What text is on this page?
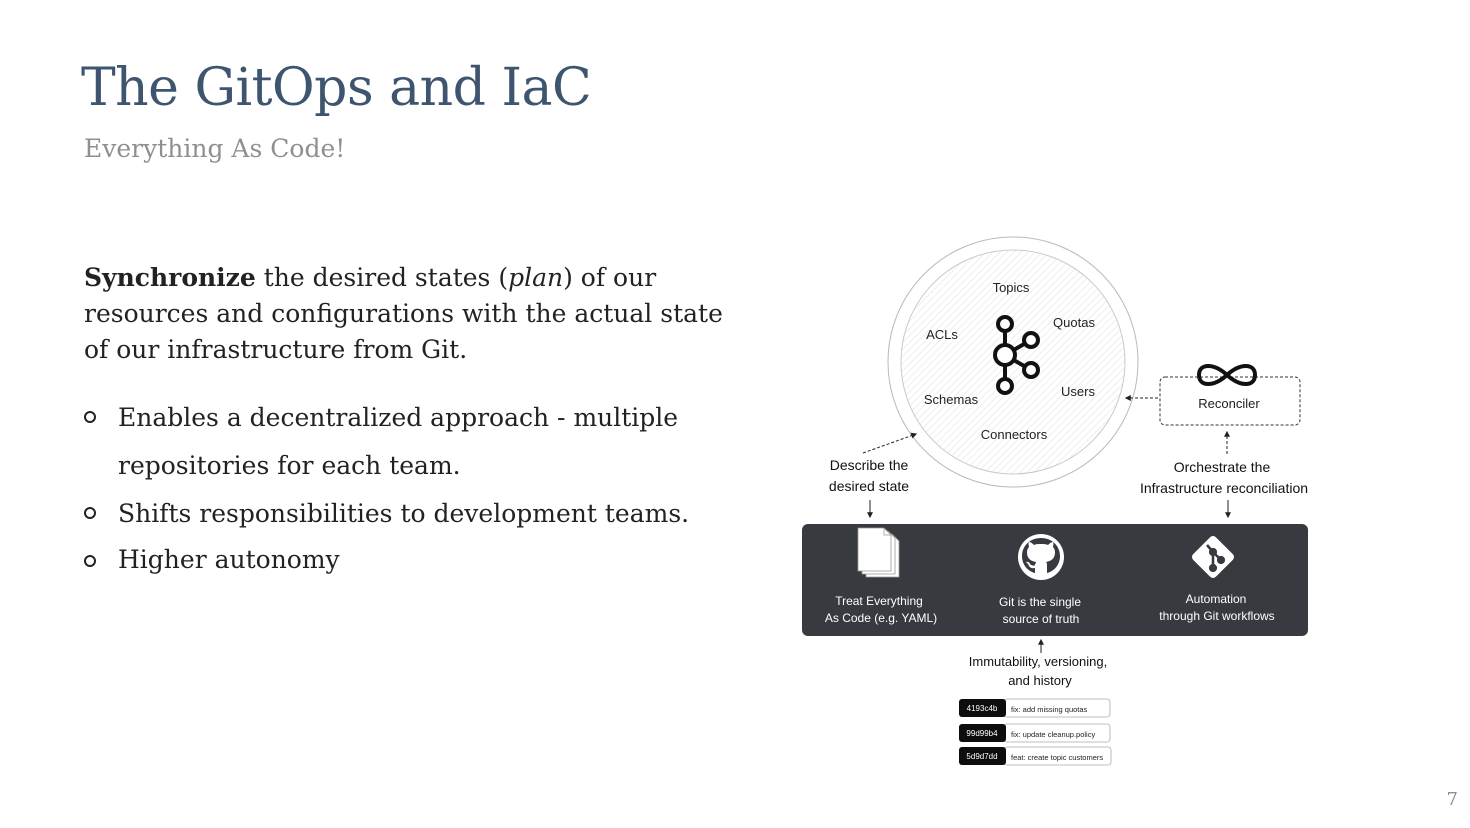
The GitOps and IaC
Everything As Code!
Synchronize the desired states (plan) of our resources and configurations with the actual state of our infrastructure from Git.
Enables a decentralized approach - multiple repositories for each team.
Shifts responsibilities to development teams.
Higher autonomy
Topics
Quotas
ACLs
Users
Schemas
Connectors
Reconciler
Describe the
desired state
Orchestrate the
Infrastructure reconciliation
Treat Everything
As Code (e.g. YAML)
Git is the single
source of truth
Automation
through Git workflows
Immutability, versioning,
and history
4193c4b fix: add missing quotas
99d99b4 fix: update cleanup.policy
5d9d7dd feat: create topic customers
7
